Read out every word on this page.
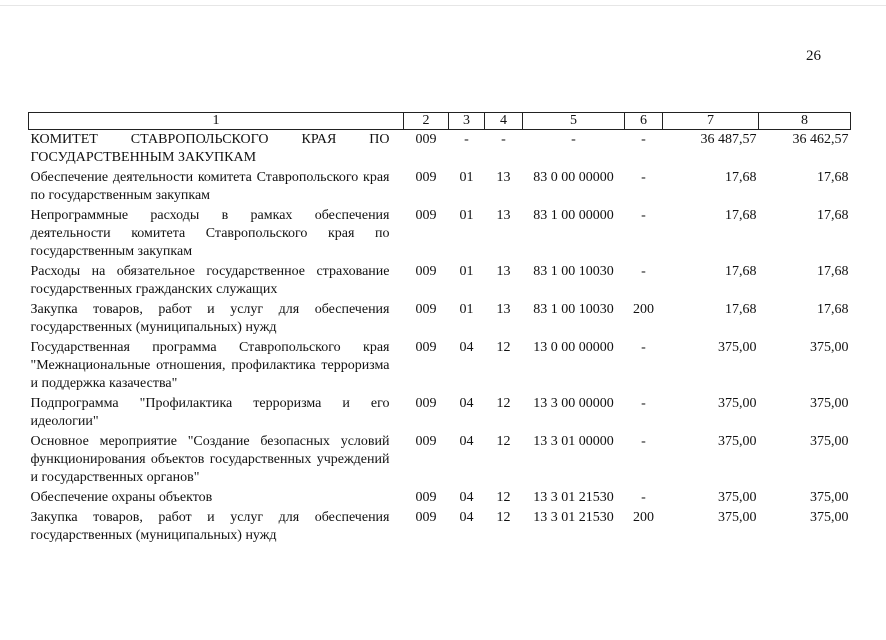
26
1	2	3	4	5	6	7	8
КОМИТЕТ СТАВРОПОЛЬСКОГО КРАЯ ПО ГОСУДАРСТВЕННЫМ ЗАКУПКАМ	009	-	-	-	-	36 487,57	36 462,57
Обеспечение деятельности комитета Ставропольского края по государственным закупкам	009	01	13	83 0 00 00000	-	17,68	17,68
Непрограммные расходы в рамках обеспечения деятельности комитета Ставропольского края по государственным закупкам	009	01	13	83 1 00 00000	-	17,68	17,68
Расходы на обязательное государственное страхование государственных гражданских служащих	009	01	13	83 1 00 10030	-	17,68	17,68
Закупка товаров, работ и услуг для обеспечения государственных (муниципальных) нужд	009	01	13	83 1 00 10030	200	17,68	17,68
Государственная программа Ставропольского края "Межнациональные отношения, профилактика терроризма и поддержка казачества"	009	04	12	13 0 00 00000	-	375,00	375,00
Подпрограмма "Профилактика терроризма и его идеологии"	009	04	12	13 3 00 00000	-	375,00	375,00
Основное мероприятие "Создание безопасных условий функционирования объектов государственных учреждений и государственных органов"	009	04	12	13 3 01 00000	-	375,00	375,00
Обеспечение охраны объектов	009	04	12	13 3 01 21530	-	375,00	375,00
Закупка товаров, работ и услуг для обеспечения государственных (муниципальных) нужд	009	04	12	13 3 01 21530	200	375,00	375,00
